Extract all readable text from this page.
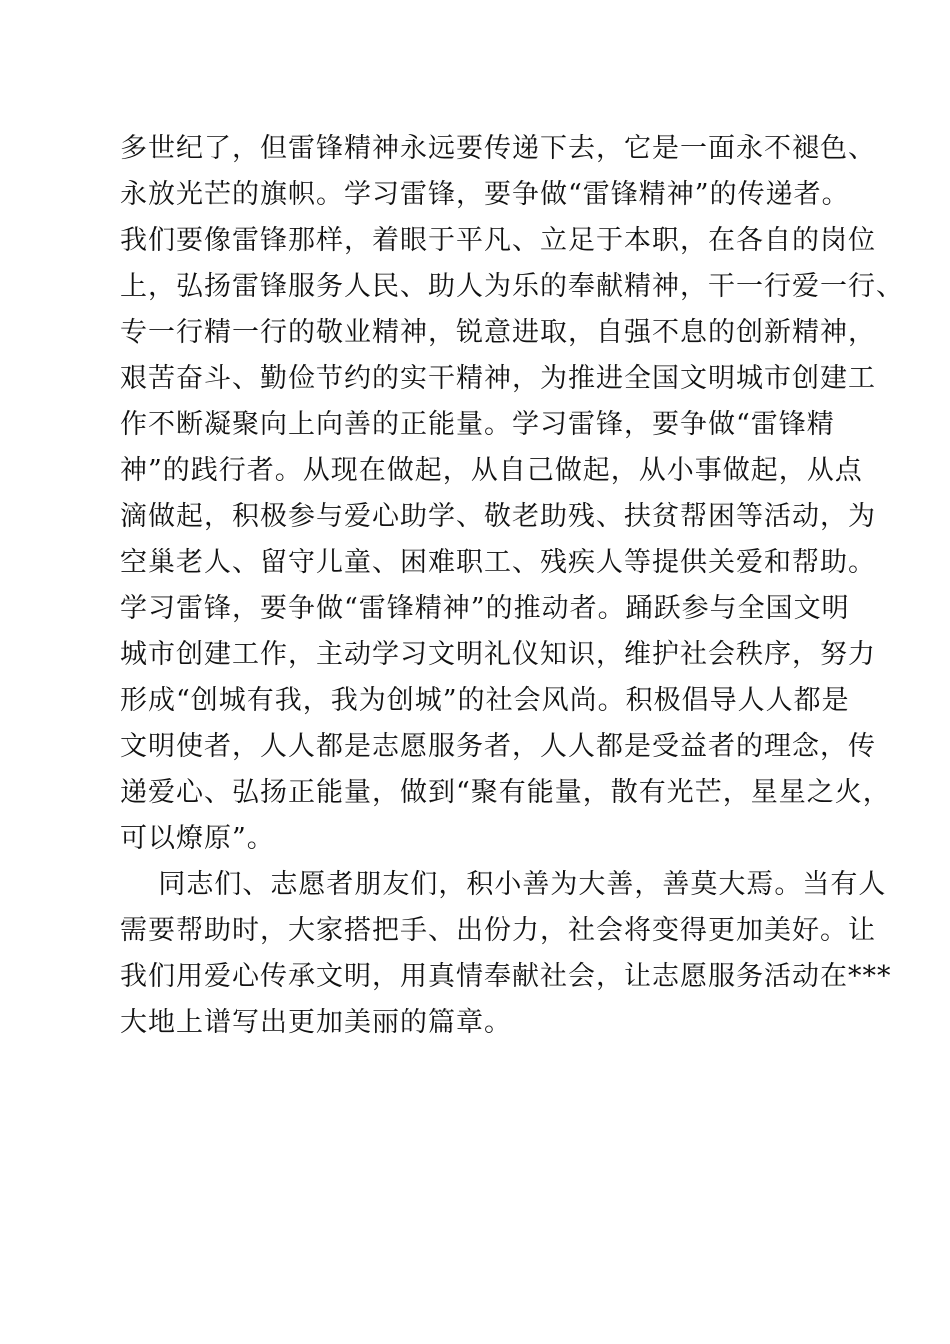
多世纪了，但雷锋精神永远要传递下去，它是一面永不褪色、
永放光芒的旗帜。学习雷锋，要争做“雷锋精神”的传递者。
我们要像雷锋那样，着眼于平凡、立足于本职，在各自的岗位
上，弘扬雷锋服务人民、助人为乐的奉献精神，干一行爱一行、
专一行精一行的敬业精神，锐意进取，自强不息的创新精神，
艰苦奋斗、勤俭节约的实干精神，为推进全国文明城市创建工
作不断凝聚向上向善的正能量。学习雷锋，要争做“雷锋精
神”的践行者。从现在做起，从自己做起，从小事做起，从点
滴做起，积极参与爱心助学、敬老助残、扶贫帮困等活动，为
空巢老人、留守儿童、困难职工、残疾人等提供关爱和帮助。
学习雷锋，要争做“雷锋精神”的推动者。踊跃参与全国文明
城市创建工作，主动学习文明礼仪知识，维护社会秩序，努力
形成“创城有我，我为创城”的社会风尚。积极倡导人人都是
文明使者，人人都是志愿服务者，人人都是受益者的理念，传
递爱心、弘扬正能量，做到“聚有能量，散有光芒，星星之火，
可以燎原”。
同志们、志愿者朋友们，积小善为大善，善莫大焉。当有人
需要帮助时，大家搭把手、出份力，社会将变得更加美好。让
我们用爱心传承文明，用真情奉献社会，让志愿服务活动在***
大地上谱写出更加美丽的篇章。
